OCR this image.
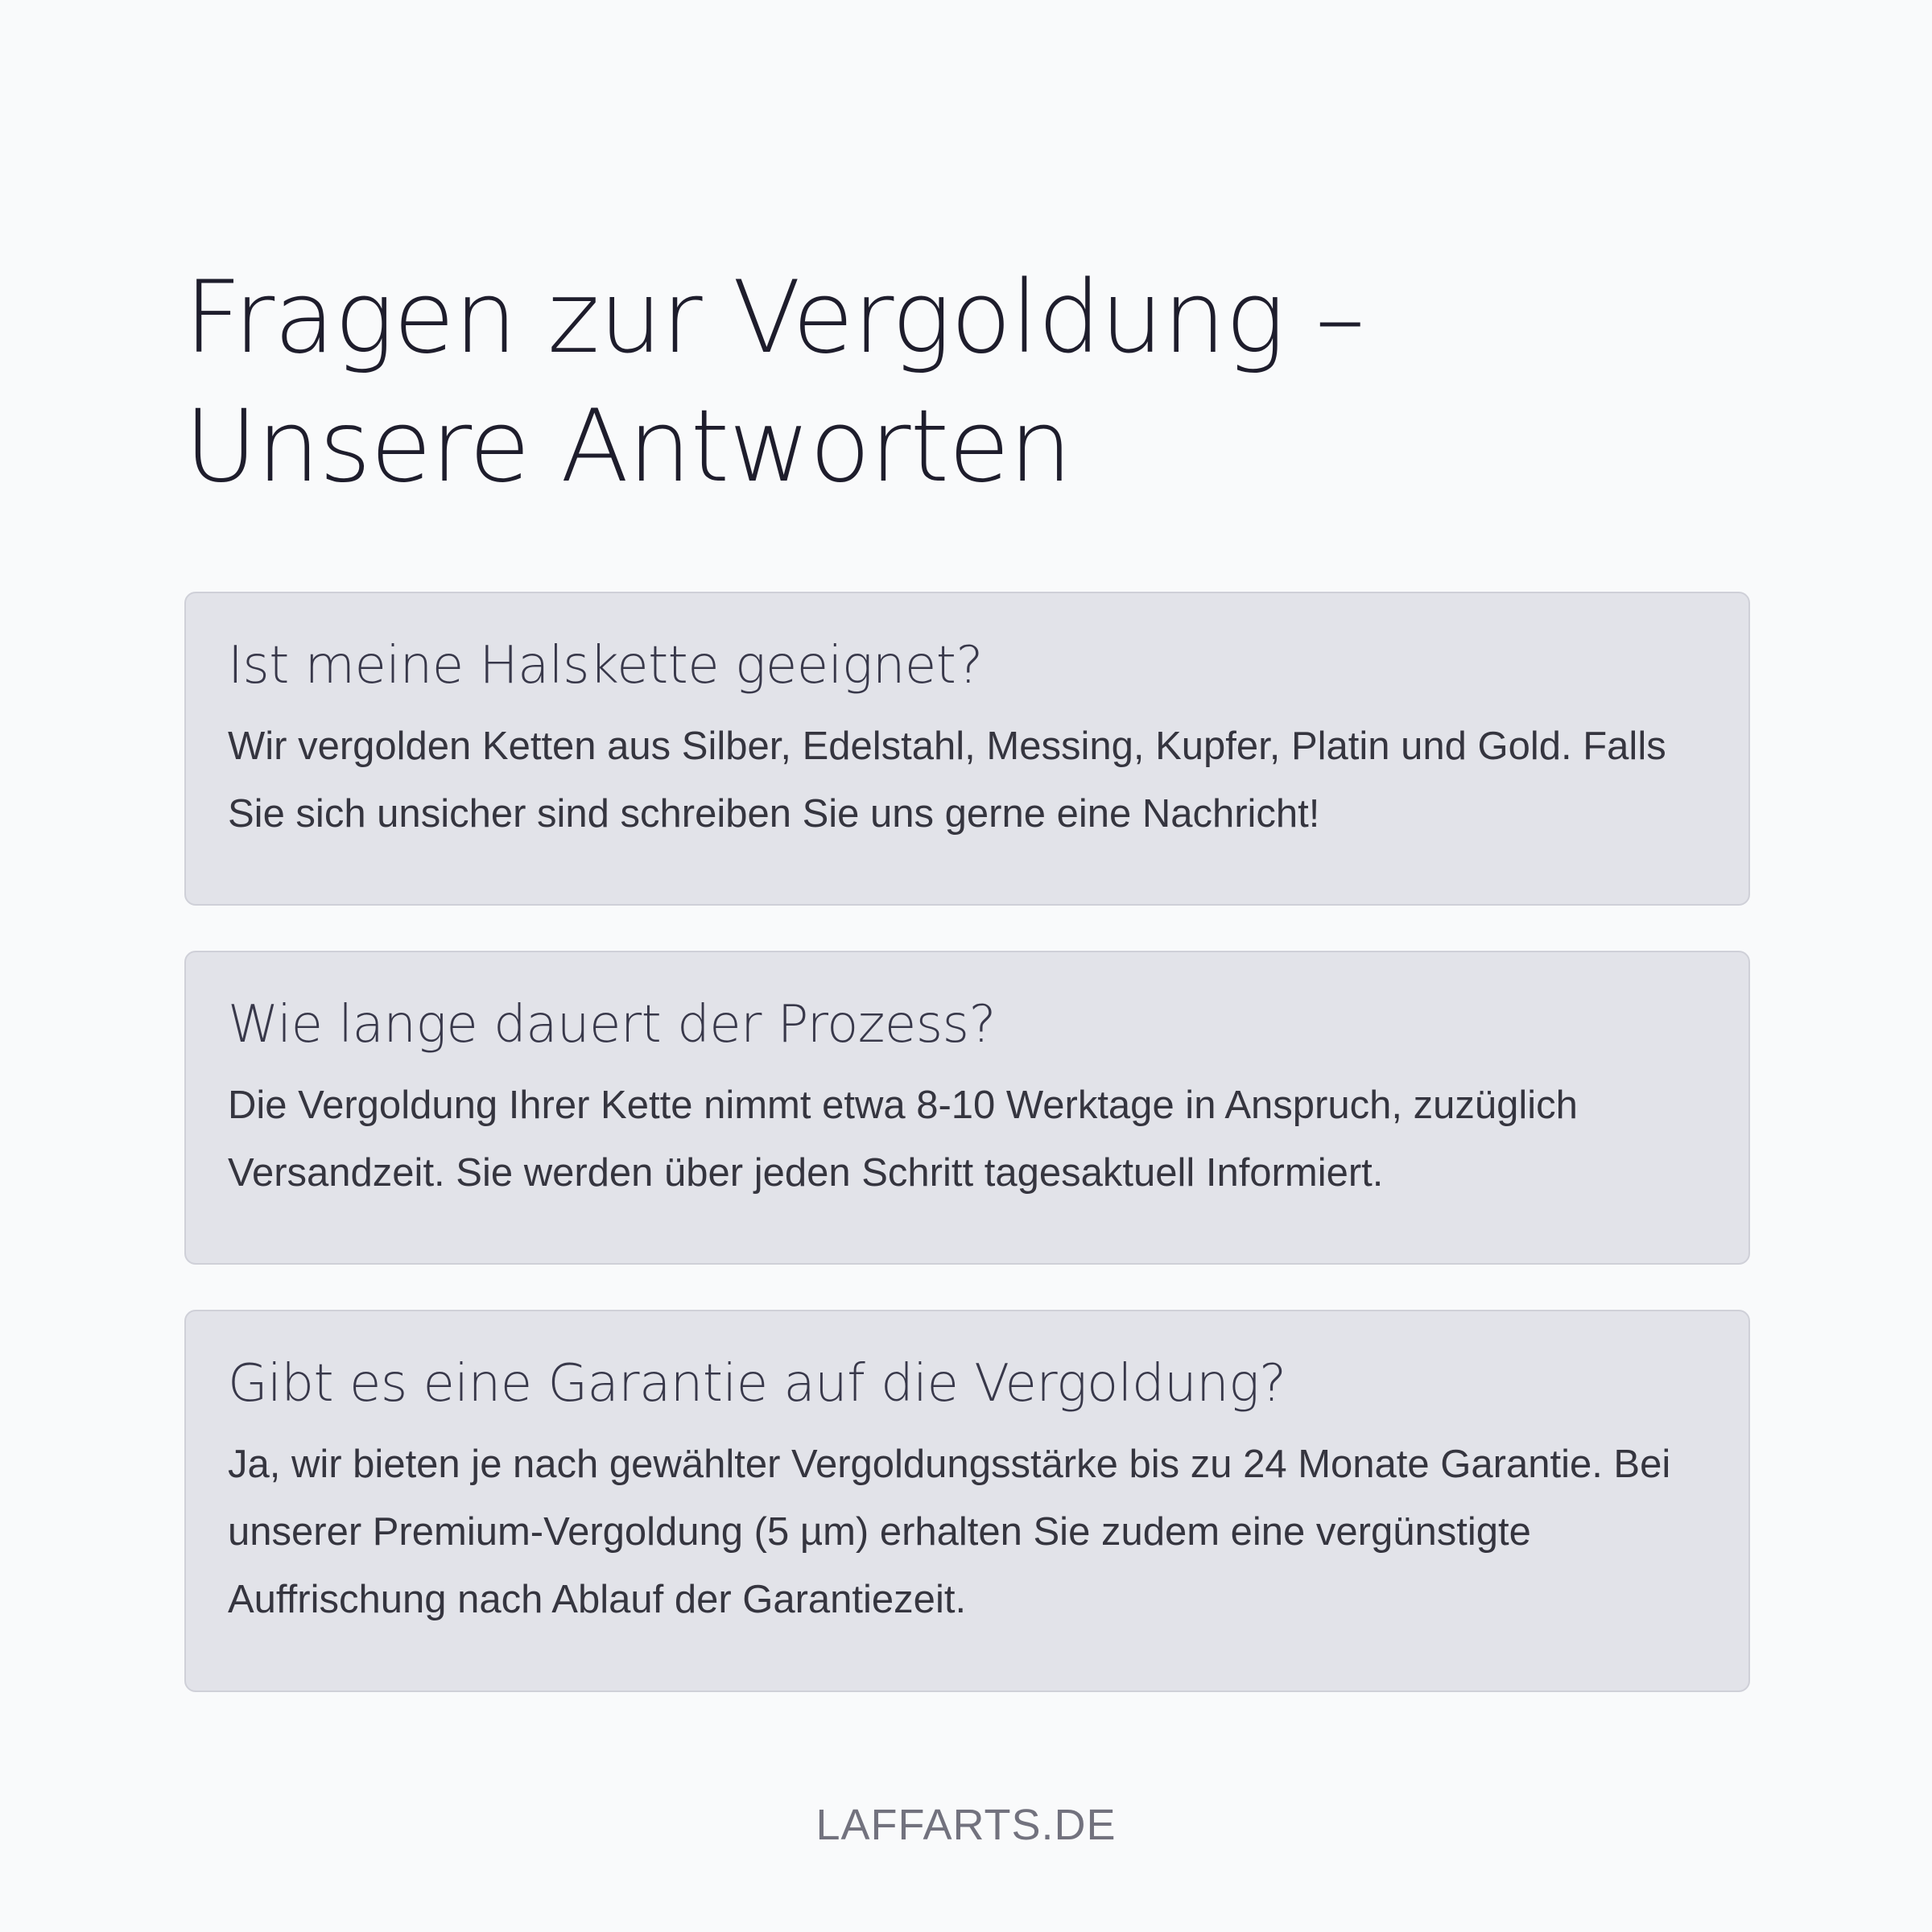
Fragen zur Vergoldung –
Unsere Antworten
Ist meine Halskette geeignet?

Wir vergolden Ketten aus Silber, Edelstahl, Messing, Kupfer, Platin und Gold. Falls Sie sich unsicher sind schreiben Sie uns gerne eine Nachricht!

Wie lange dauert der Prozess?

Die Vergoldung Ihrer Kette nimmt etwa 8-10 Werktage in Anspruch, zuzüglich Versandzeit. Sie werden über jeden Schritt tagesaktuell Informiert.

Gibt es eine Garantie auf die Vergoldung?

Ja, wir bieten je nach gewählter Vergoldungsstärke bis zu 24 Monate Garantie. Bei unserer Premium-Vergoldung (5 µm) erhalten Sie zudem eine vergünstigte Auffrischung nach Ablauf der Garantiezeit.

LAFFARTS.DE
